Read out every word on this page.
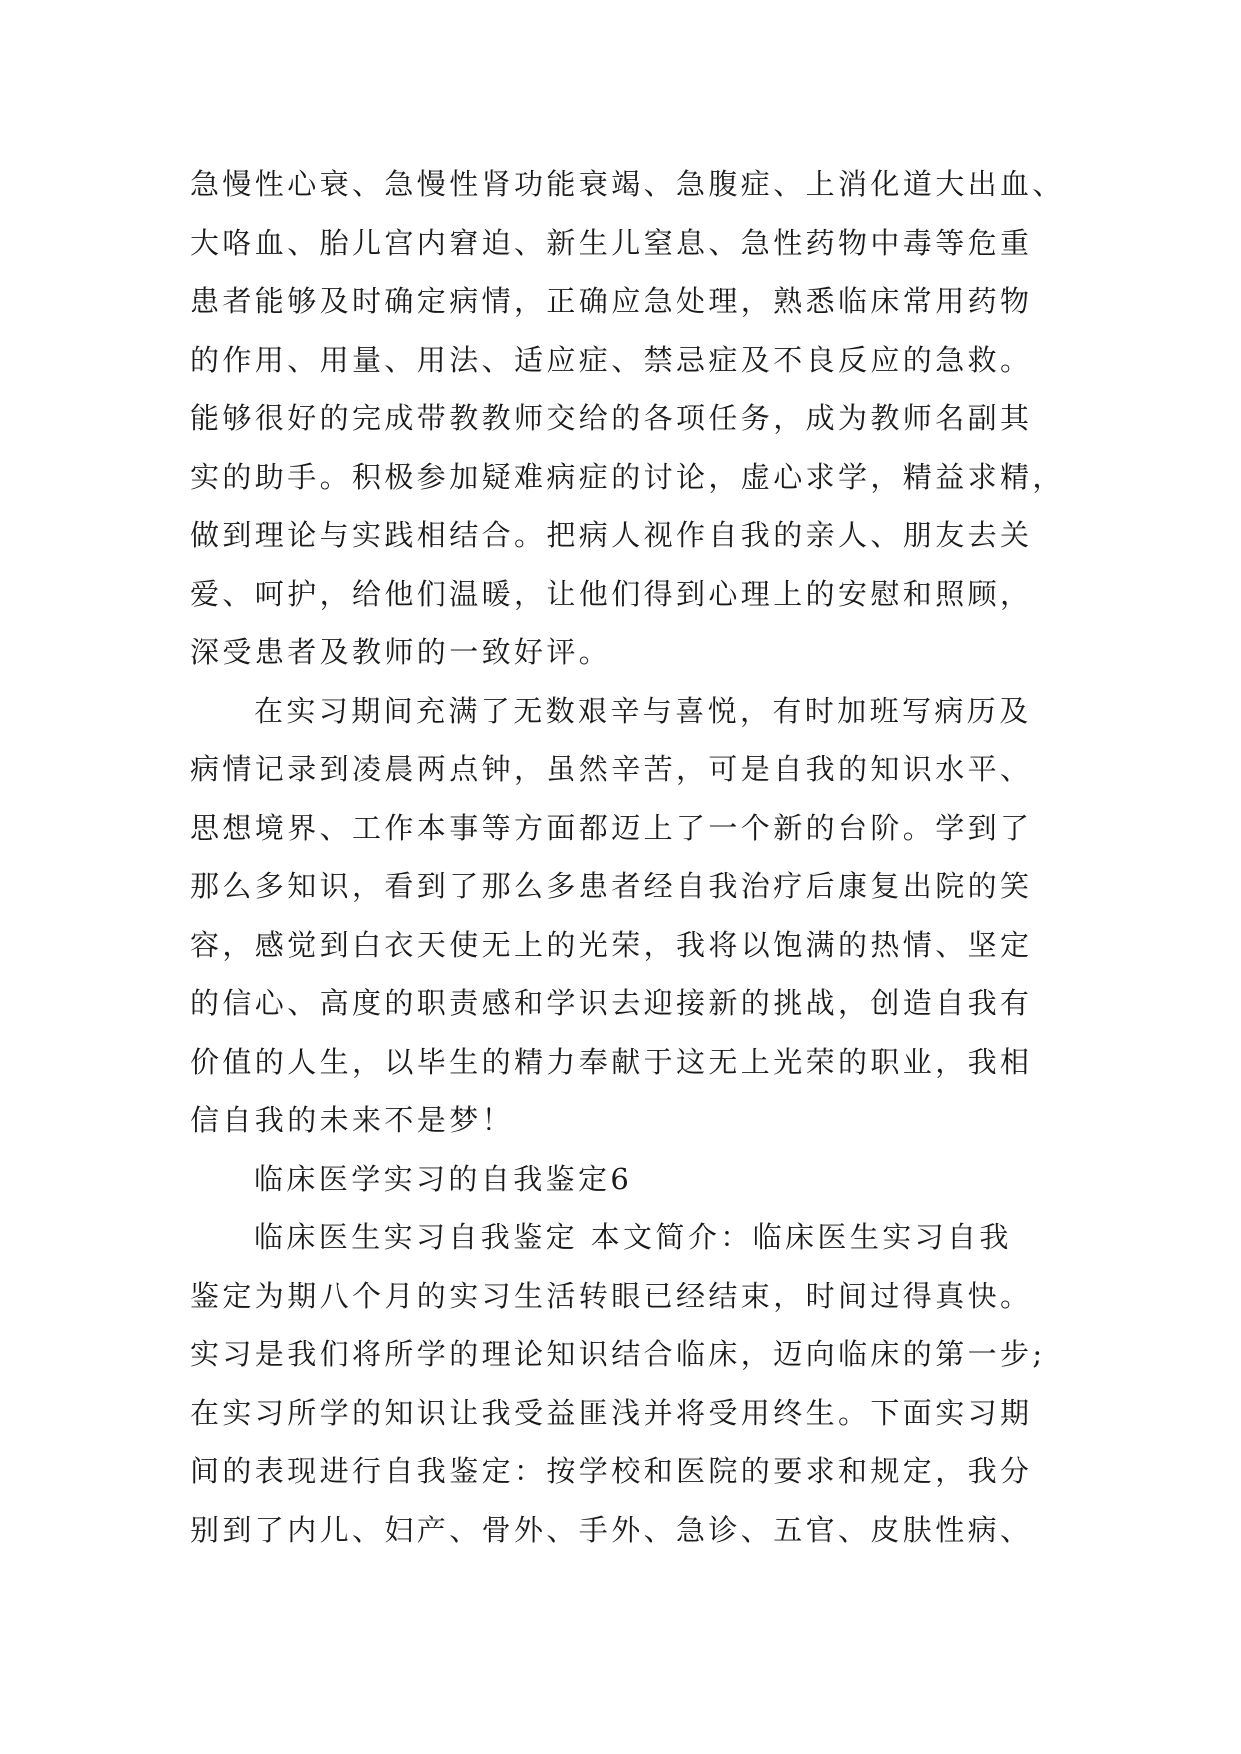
急慢性心衰、急慢性肾功能衰竭、急腹症、上消化道大出血、
大咯血、胎儿宫内窘迫、新生儿窒息、急性药物中毒等危重
患者能够及时确定病情，正确应急处理，熟悉临床常用药物
的作用、用量、用法、适应症、禁忌症及不良反应的急救。
能够很好的完成带教教师交给的各项任务，成为教师名副其
实的助手。积极参加疑难病症的讨论，虚心求学，精益求精，
做到理论与实践相结合。把病人视作自我的亲人、朋友去关
爱、呵护，给他们温暖，让他们得到心理上的安慰和照顾，
深受患者及教师的一致好评。
在实习期间充满了无数艰辛与喜悦，有时加班写病历及
病情记录到凌晨两点钟，虽然辛苦，可是自我的知识水平、
思想境界、工作本事等方面都迈上了一个新的台阶。学到了
那么多知识，看到了那么多患者经自我治疗后康复出院的笑
容，感觉到白衣天使无上的光荣，我将以饱满的热情、坚定
的信心、高度的职责感和学识去迎接新的挑战，创造自我有
价值的人生，以毕生的精力奉献于这无上光荣的职业，我相
信自我的未来不是梦！
临床医学实习的自我鉴定6
临床医生实习自我鉴定 本文简介：临床医生实习自我
鉴定为期八个月的实习生活转眼已经结束，时间过得真快。
实习是我们将所学的理论知识结合临床，迈向临床的第一步;
在实习所学的知识让我受益匪浅并将受用终生。下面实习期
间的表现进行自我鉴定：按学校和医院的要求和规定，我分
别到了内儿、妇产、骨外、手外、急诊、五官、皮肤性病、
